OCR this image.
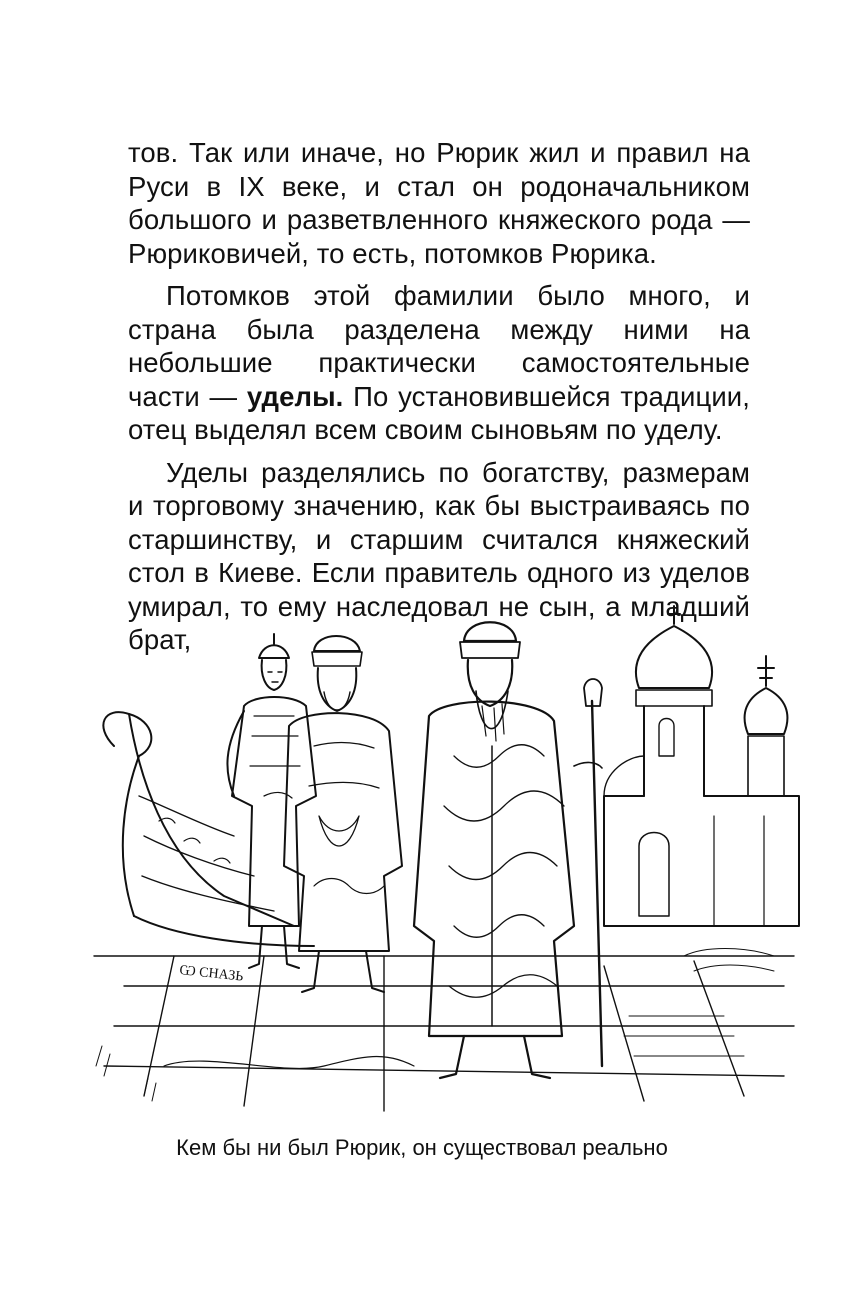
тов. Так или иначе, но Рюрик жил и правил на Руси в IX веке, и стал он родоначальником большого и разветвленного княжеского рода — Рюриковичей, то есть, потомков Рюрика.

Потомков этой фамилии было много, и страна была разделена между ними на небольшие практически самостоятельные части — уделы. По установившейся традиции, отец выделял всем своим сыновьям по уделу.

Уделы разделялись по богатству, размерам и торговому значению, как бы выстраиваясь по старшинству, и старшим считался княжеский стол в Киеве. Если правитель одного из уделов умирал, то ему наследовал не сын, а младший брат,

Ѡ СНАЗЬ
Кем бы ни был Рюрик, он существовал реально
